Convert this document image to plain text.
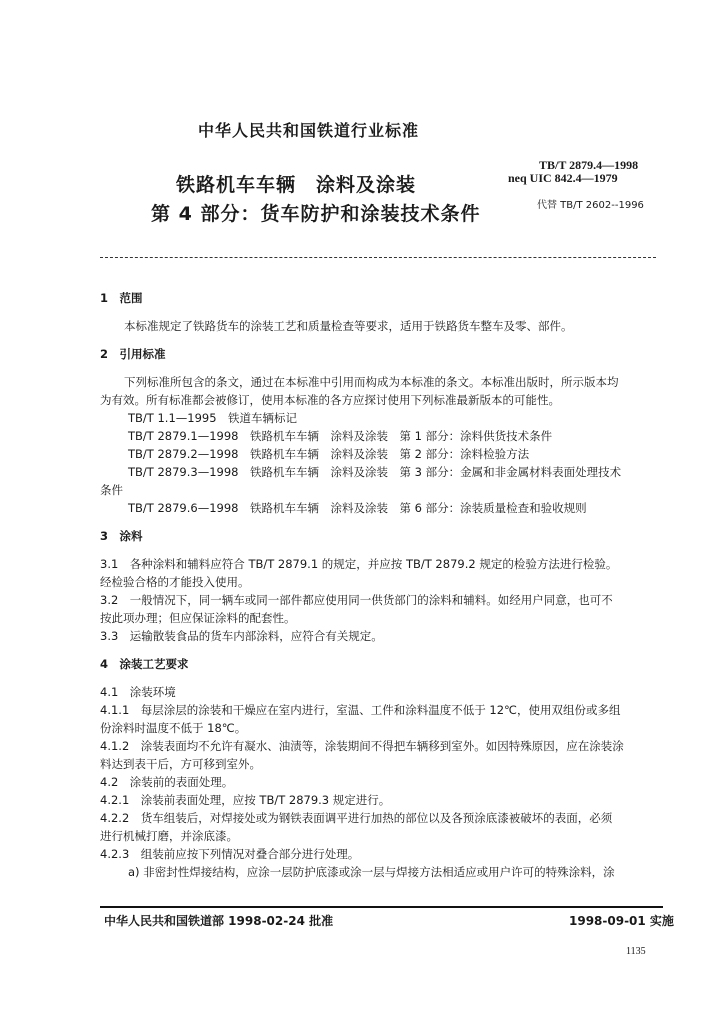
中华人民共和国铁道行业标准
铁路机车车辆　涂料及涂装
第 4 部分：货车防护和涂装技术条件
TB/T 2879.4—1998
neq UIC 842.4—1979
代替 TB/T 2602--1996
1　范围
本标准规定了铁路货车的涂装工艺和质量检查等要求，适用于铁路货车整车及零、部件。
2　引用标准
下列标准所包含的条文，通过在本标准中引用而构成为本标准的条文。本标准出版时，所示版本均
为有效。所有标准都会被修订，使用本标准的各方应探讨使用下列标准最新版本的可能性。
TB/T 1.1—1995　铁道车辆标记
TB/T 2879.1—1998　铁路机车车辆　涂料及涂装　第 1 部分：涂料供货技术条件
TB/T 2879.2—1998　铁路机车车辆　涂料及涂装　第 2 部分：涂料检验方法
TB/T 2879.3—1998　铁路机车车辆　涂料及涂装　第 3 部分：金属和非金属材料表面处理技术
条件
TB/T 2879.6—1998　铁路机车车辆　涂料及涂装　第 6 部分：涂装质量检查和验收规则
3　涂料
3.1　各种涂料和辅料应符合 TB/T 2879.1 的规定，并应按 TB/T 2879.2 规定的检验方法进行检验。
经检验合格的才能投入使用。
3.2　一般情况下，同一辆车或同一部件都应使用同一供货部门的涂料和辅料。如经用户同意，也可不
按此项办理；但应保证涂料的配套性。
3.3　运输散装食品的货车内部涂料，应符合有关规定。
4　涂装工艺要求
4.1　涂装环境
4.1.1　每层涂层的涂装和干燥应在室内进行，室温、工件和涂料温度不低于 12℃，使用双组份或多组
份涂料时温度不低于 18℃。
4.1.2　涂装表面均不允许有凝水、油渍等，涂装期间不得把车辆移到室外。如因特殊原因，应在涂装涂
料达到表干后，方可移到室外。
4.2　涂装前的表面处理。
4.2.1　涂装前表面处理，应按 TB/T 2879.3 规定进行。
4.2.2　货车组装后，对焊接处或为钢铁表面调平进行加热的部位以及各预涂底漆被破坏的表面，必须
进行机械打磨，并涂底漆。
4.2.3　组装前应按下列情况对叠合部分进行处理。
a) 非密封性焊接结构，应涂一层防护底漆或涂一层与焊接方法相适应或用户许可的特殊涂料，涂
中华人民共和国铁道部 1998-02-24 批准	1998-09-01 实施
1135
